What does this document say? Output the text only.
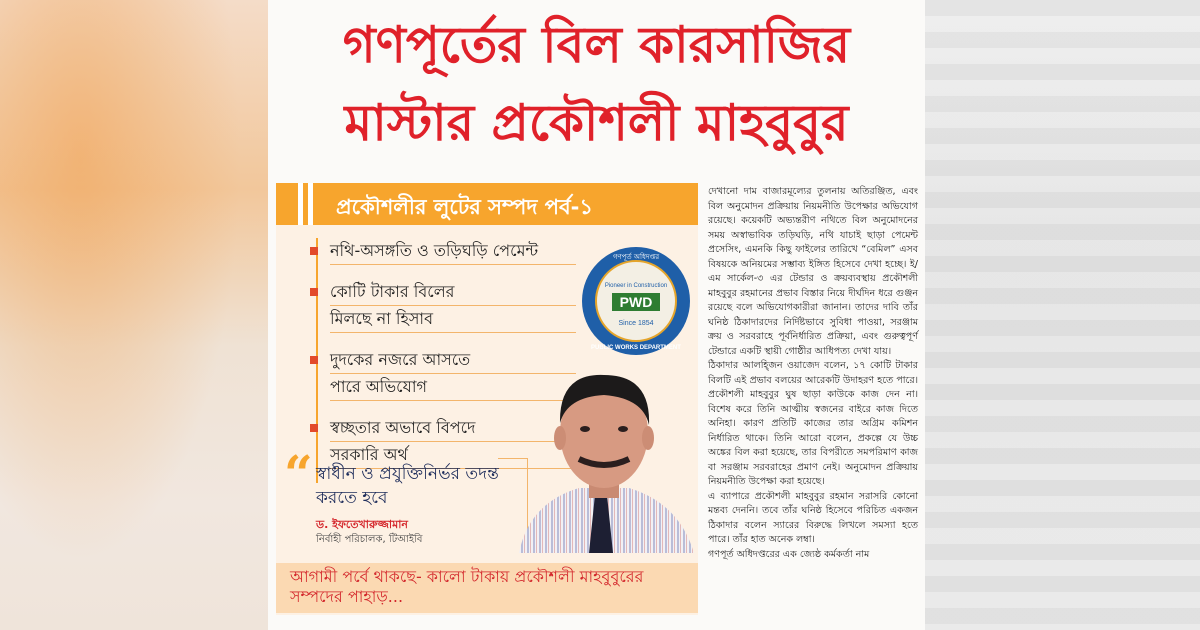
গণপূর্তের বিল কারসাজির
মাস্টার প্রকৌশলী মাহবুবুর
প্রকৌশলীর লুটের সম্পদ পর্ব-১
নথি-অসঙ্গতি ও তড়িঘড়ি পেমেন্ট
কোটি টাকার বিলের
মিলছে না হিসাব
দুদকের নজরে আসতে
পারে অভিযোগ
স্বচ্ছতার অভাবে বিপদে
সরকারি অর্থ
“ স্বাধীন ও প্রযুক্তিনির্ভর তদন্ত করতে হবে
ড. ইফতেখারুজ্জামান
নির্বাহী পরিচালক, টিআইবি
PWD
Pioneer in Construction
Since 1854
গণপূর্ত অধিদপ্তর
PUBLIC WORKS DEPARTMENT
আগামী পর্বে থাকছে- কালো টাকায় প্রকৌশলী মাহবুবুরের সম্পদের পাহাড়...

দেখানো দাম বাজারমূল্যের তুলনায় অতিরঞ্জিত, এবং বিল অনুমোদন প্রক্রিয়ায় নিয়মনীতি উপেক্ষার অভিযোগ রয়েছে। কয়েকটি অভ্যন্তরীণ নথিতে বিল অনুমোদনের সময় অস্বাভাবিক তড়িঘড়ি, নথি যাচাই ছাড়া পেমেন্ট প্রসেসিং, এমনকি কিছু ফাইলের তারিখে “বেমিল” এসব বিষয়কে অনিয়মের সম্ভাব্য ইঙ্গিত হিসেবে দেখা হচ্ছে। ই/এম সার্কেল-৩ এর টেন্ডার ও ক্রয়ব্যবস্থায় প্রকৌশলী মাহবুবুর রহমানের প্রভাব বিস্তার নিয়ে দীর্ঘদিন ধরে গুঞ্জন রয়েছে বলে অভিযোগকারীরা জানান। তাদের দাবি তাঁর ঘনিষ্ঠ ঠিকাদারদের নির্দিষ্টভাবে সুবিধা পাওয়া, সরঞ্জাম ক্রয় ও সরবরাহে পূর্বনির্ধারিত প্রক্রিয়া, এবং গুরুত্বপূর্ণ টেন্ডারে একটি স্থায়ী গোষ্ঠীর আধিপত্য দেখা যায়।

ঠিকাদার আলহ্জিন ওয়াজেদ বলেন, ১৭ কোটি টাকার বিলটি এই প্রভাব বলয়ের আরেকটি উদাহরণ হতে পারে। প্রকৌশলী মাহবুবুর ঘুষ ছাড়া কাউকে কাজ দেন না। বিশেষ করে তিনি আত্মীয় স্বজনের বাইরে কাজ দিতে অনিহা। কারণ প্রতিটি কাজের তার অগ্রিম কমিশন নির্ধারিত থাকে। তিনি আরো বলেন, প্রকল্পে যে উচ্চ অঙ্কের বিল করা হয়েছে, তার বিপরীতে সমপরিমাণ কাজ বা সরঞ্জাম সরবরাহের প্রমাণ নেই। অনুমোদন প্রক্রিয়ায় নিয়মনীতি উপেক্ষা করা হয়েছে।

এ ব্যাপারে প্রকৌশলী মাহবুবুর রহমান সরাসরি কোনো মন্তব্য দেননি। তবে তাঁর ঘনিষ্ঠ হিসেবে পরিচিত একজন ঠিকাদার বলেন স্যারের বিরুদ্ধে লিখলে সমস্যা হতে পারে। তাঁর হাত অনেক লম্বা।

গণপূর্ত অধিদপ্তরের এক জ্যেষ্ঠ কর্মকর্তা নাম
